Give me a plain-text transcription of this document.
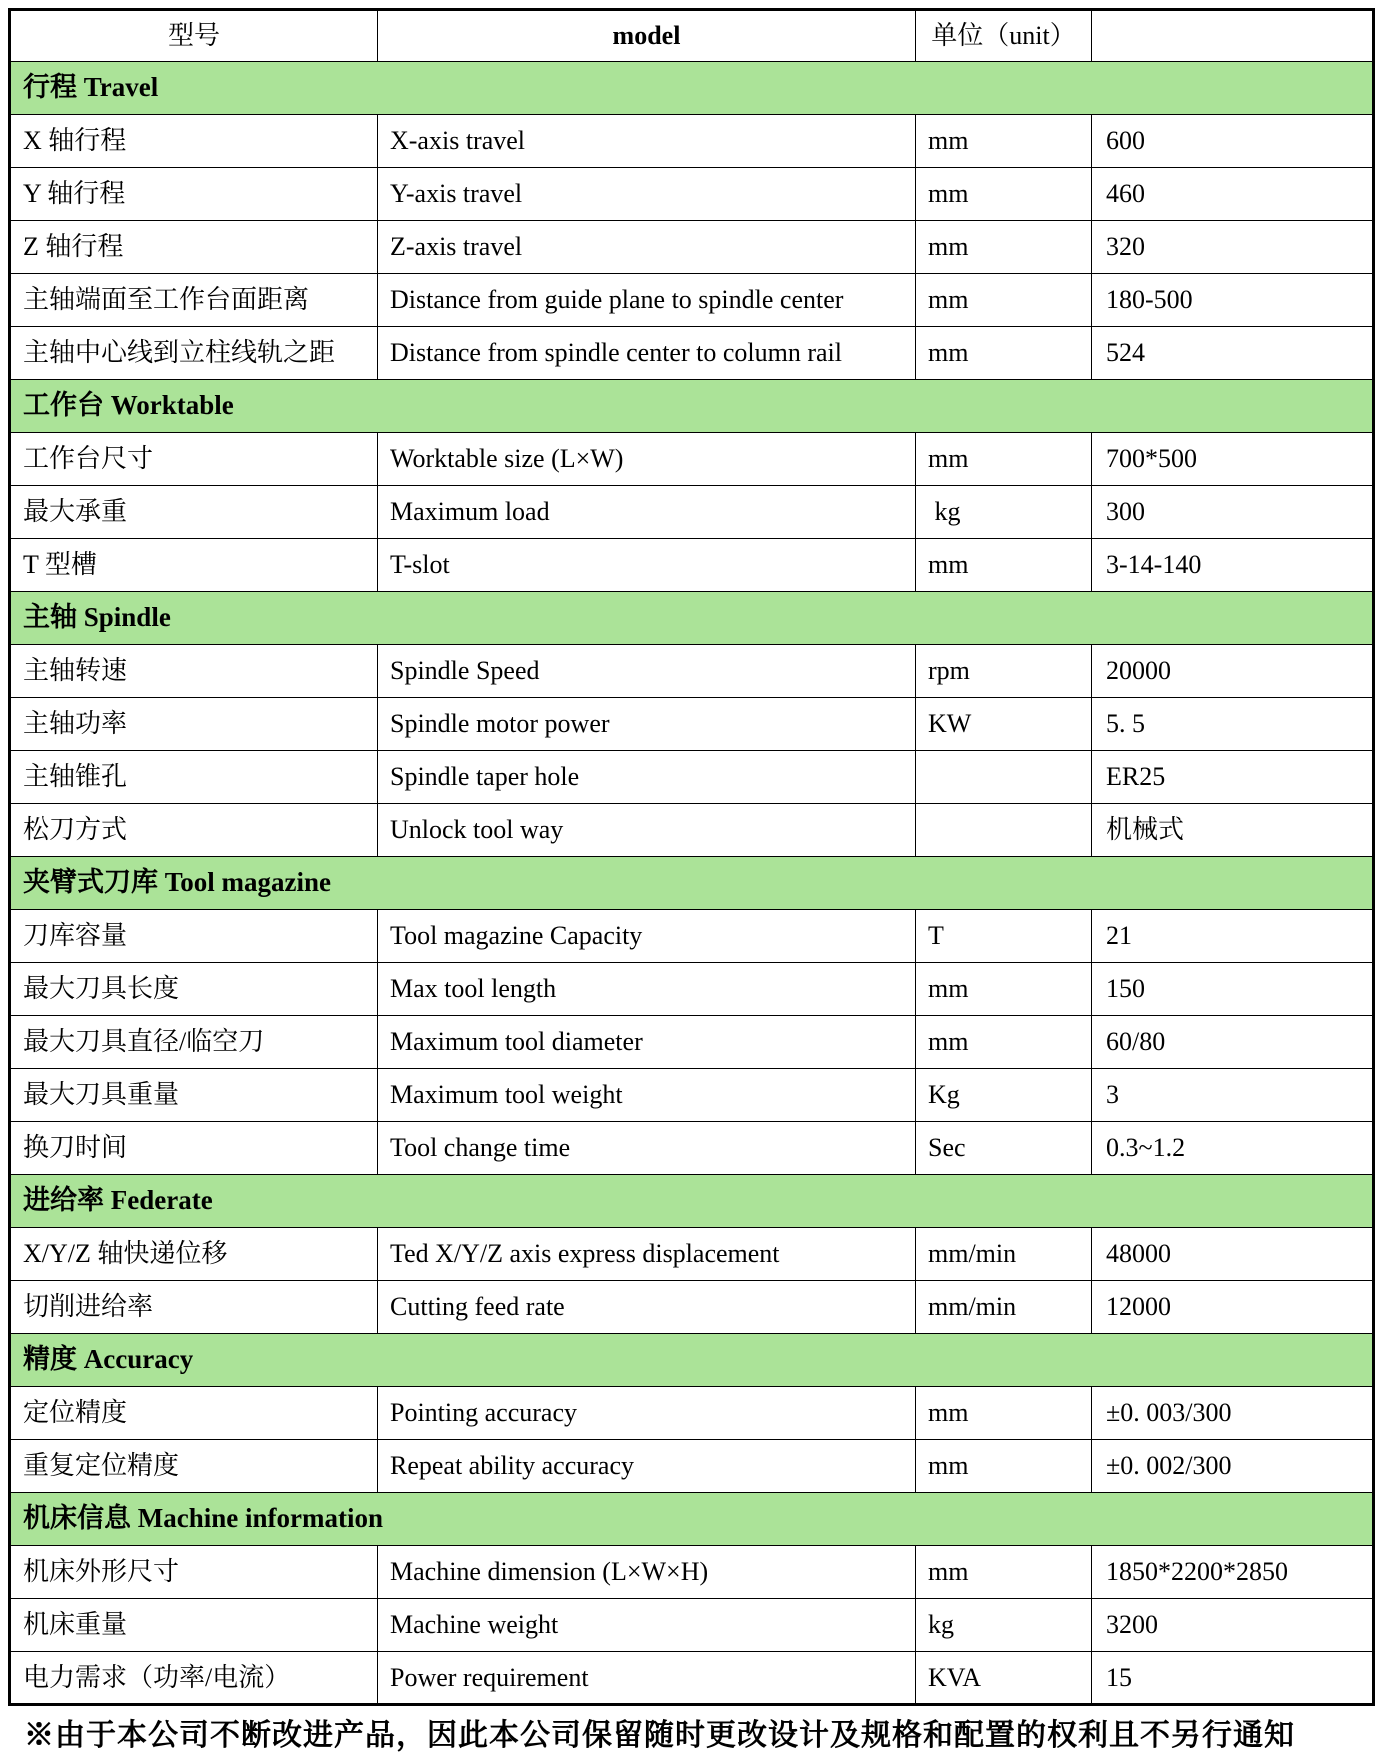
型号	model	单位（unit）	
行程 Travel			
X 轴行程	X-axis travel	mm	600
Y 轴行程	Y-axis travel	mm	460
Z 轴行程	Z-axis travel	mm	320
主轴端面至工作台面距离	Distance from guide plane to spindle center	mm	180-500
主轴中心线到立柱线轨之距	Distance from spindle center to column rail	mm	524
工作台 Worktable			
工作台尺寸	Worktable size (L×W)	mm	700*500
最大承重	Maximum load	kg	300
T 型槽	T-slot	mm	3-14-140
主轴 Spindle			
主轴转速	Spindle Speed	rpm	20000
主轴功率	Spindle motor power	KW	5. 5
主轴锥孔	Spindle taper hole		ER25
松刀方式	Unlock tool way		机械式
夹臂式刀库 Tool magazine			
刀库容量	Tool magazine Capacity	T	21
最大刀具长度	Max tool length	mm	150
最大刀具直径/临空刀	Maximum tool diameter	mm	60/80
最大刀具重量	Maximum tool weight	Kg	3
换刀时间	Tool change time	Sec	0.3~1.2
进给率 Federate			
X/Y/Z 轴快递位移	Ted X/Y/Z axis express displacement	mm/min	48000
切削进给率	Cutting feed rate	mm/min	12000
精度 Accuracy			
定位精度	Pointing accuracy	mm	±0. 003/300
重复定位精度	Repeat ability accuracy	mm	±0. 002/300
机床信息 Machine information			
机床外形尺寸	Machine dimension (L×W×H)	mm	1850*2200*2850
机床重量	Machine weight	kg	3200
电力需求（功率/电流）	Power requirement	KVA	15
※由于本公司不断改进产品，因此本公司保留随时更改设计及规格和配置的权利且不另行通知
